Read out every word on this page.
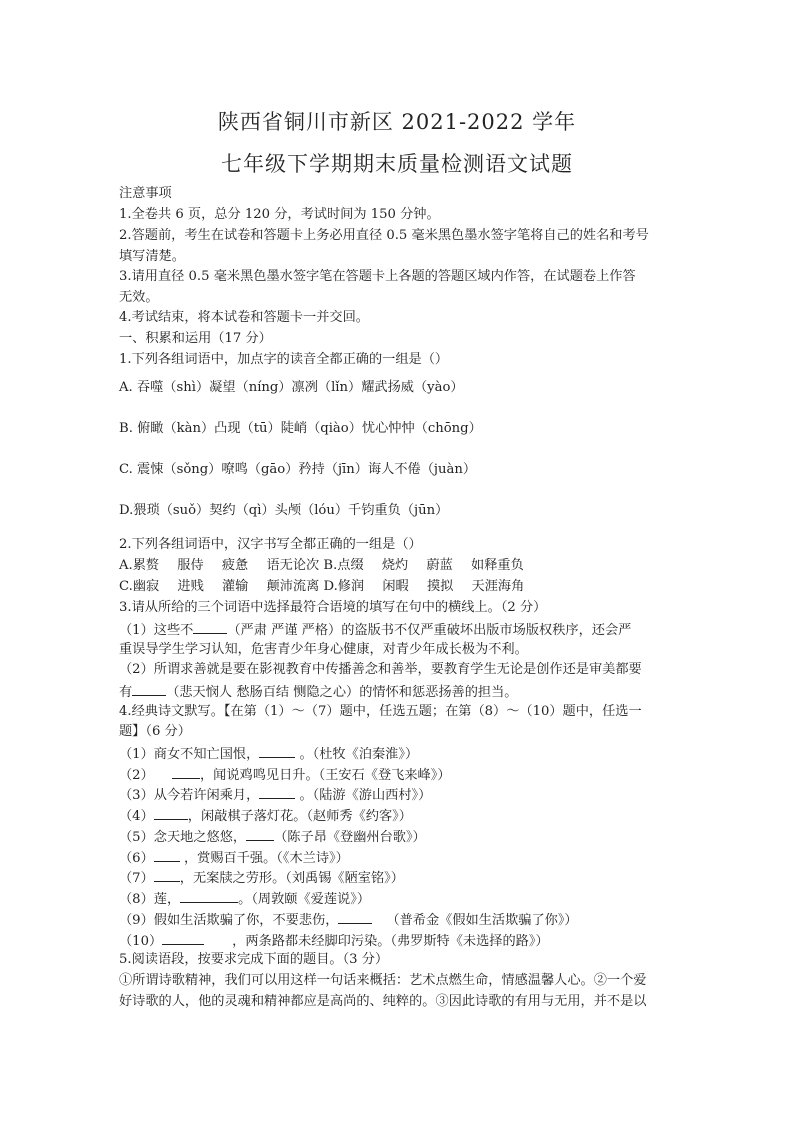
陕西省铜川市新区 2021-2022 学年
七年级下学期期末质量检测语文试题
注意事项
1.全卷共 6 页，总分 120 分，考试时间为 150 分钟。
2.答题前，考生在试卷和答题卡上务必用直径 0.5 毫米黑色墨水签字笔将自己的姓名和考号
填写清楚。
3.请用直径 0.5 毫米黑色墨水签字笔在答题卡上各题的答题区域内作答，在试题卷上作答
无效。
4.考试结束，将本试卷和答题卡一并交回。
一、积累和运用（17 分）
1.下列各组词语中，加点字的读音全都正确的一组是（）
A. 吞噬（shì）凝望（níng）凛冽（lǐn）耀武扬威（yào）
B. 俯瞰（kàn）凸现（tū）陡峭（qiào）忧心忡忡（chōng）
C. 震悚（sǒng）嘹鸣（gāo）矜持（jīn）诲人不倦（juàn）
D.猥琐（suǒ）契约（qì）头颅（lóu）千钧重负（jūn）
2.下列各组词语中，汉字书写全都正确的一组是（）
A.累赘 服侍 疲惫 语无论次 B.点缀 烧灼 蔚蓝 如释重负
C.幽寂 进贱 灌输 颠沛流离 D.修润 闲暇 摸拟 天涯海角
3.请从所给的三个词语中选择最符合语境的填写在句中的横线上。（2 分）
（1）这些不	（严肃 严谨 严格）的盗版书不仅严重破坏出版市场版权秩序，还会严
重误导学生学习认知，危害青少年身心健康，对青少年成长极为不利。
（2）所谓求善就是要在影视教育中传播善念和善举，要教育学生无论是创作还是审美都要
有	（悲天悯人 愁肠百结 恻隐之心）的情怀和惩恶扬善的担当。
4.经典诗文默写。【在第（1）～（7）题中，任选五题；在第（8）～（10）题中，任选一
题】（6 分）
（1）商女不知亡国恨，	。（杜牧《泊秦淮》）
（2）	，闻说鸡鸣见日升。（王安石《登飞来峰》）
（3）从今若许闲乘月，	。（陆游《游山西村》）
（4）	，闲敲棋子落灯花。（赵师秀《约客》）
（5）念天地之悠悠， （陈子昂《登幽州台歌》）
（6） ，赏赐百千强。（《木兰诗》）
（7） ，无案牍之劳形。（刘禹锡《陋室铭》）
（8）莲，	。（周敦颐《爱莲说》）
（9）假如生活欺骗了你，不要悲伤，	（普希金《假如生活欺骗了你》）
（10）	，两条路都未经脚印污染。（弗罗斯特《未选择的路》）
5.阅读语段，按要求完成下面的题目。（3 分）
①所谓诗歌精神，我们可以用这样一句话来概括：艺术点燃生命，情感温馨人心。②一个爱
好诗歌的人，他的灵魂和精神都应是高尚的、纯粹的。③因此诗歌的有用与无用，并不是以
